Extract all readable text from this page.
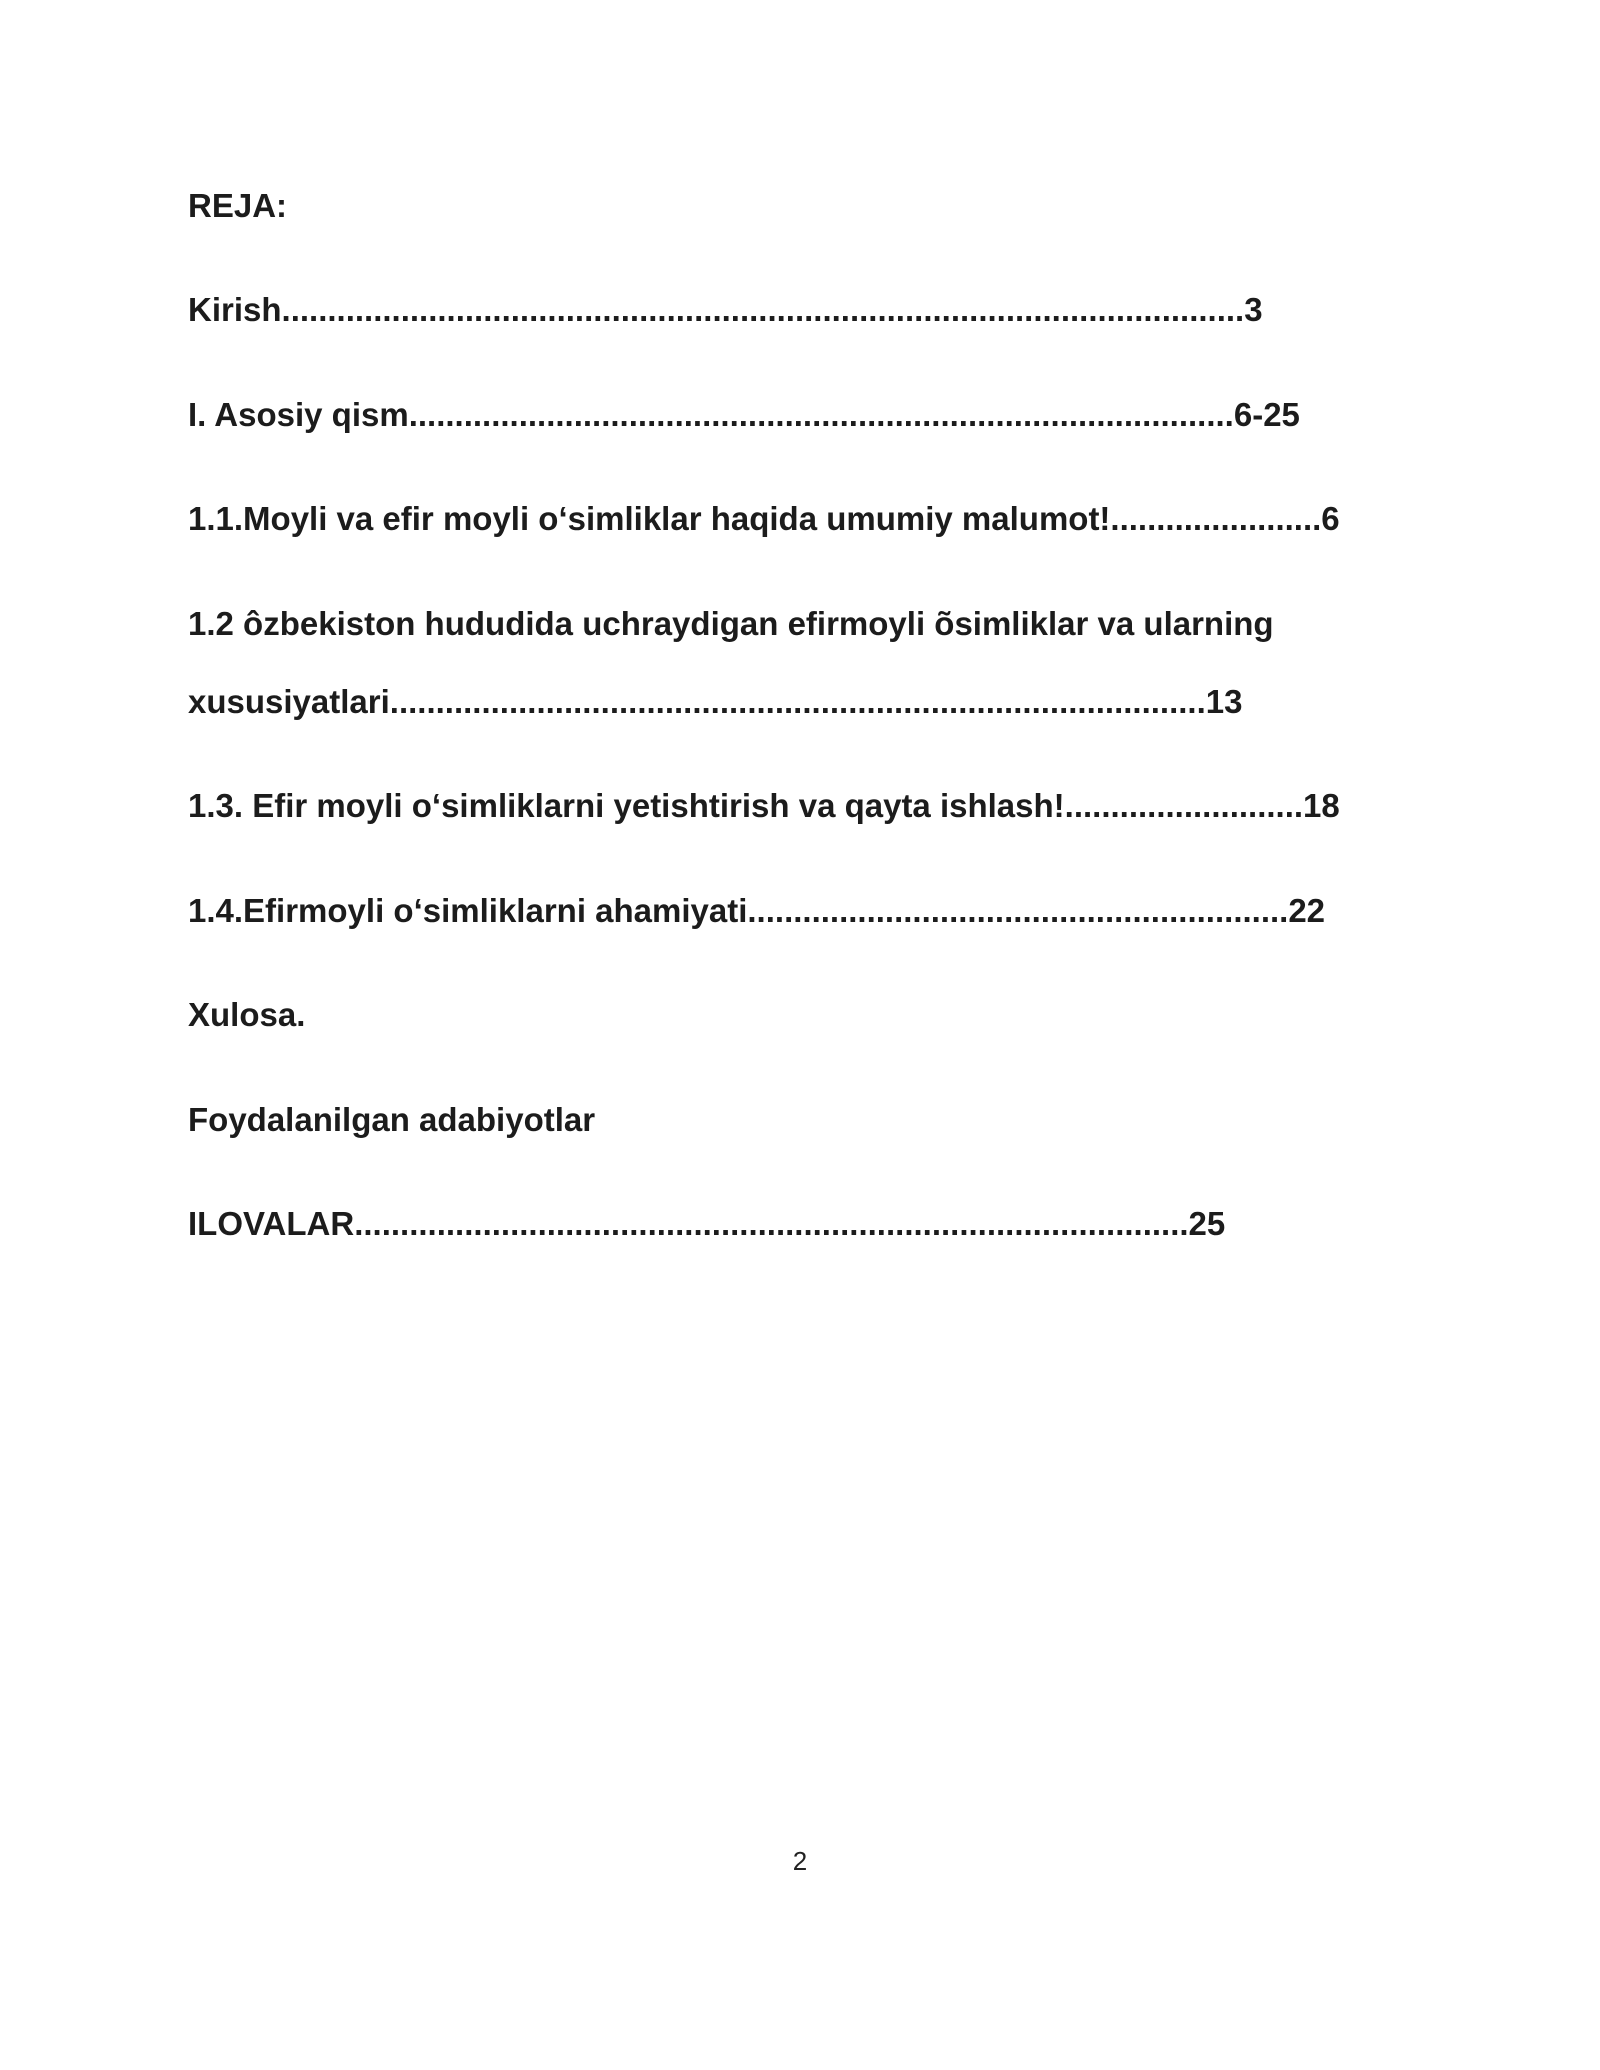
REJA:
Kirish.........................................................................................................3
I. Asosiy qism..........................................................................................6-25
1.1.Moyli va efir moyli oʻsimliklar haqida umumiy malumot!.......................6
1.2 ôzbekiston hududida uchraydigan efirmoyli õsimliklar va ularning
xususiyatlari.........................................................................................13
1.3. Efir moyli oʻsimliklarni yetishtirish va qayta ishlash!..........................18
1.4.Efirmoyli oʻsimliklarni ahamiyati...........................................................22
Xulosa.
Foydalanilgan adabiyotlar
ILOVALAR...........................................................................................25
2
